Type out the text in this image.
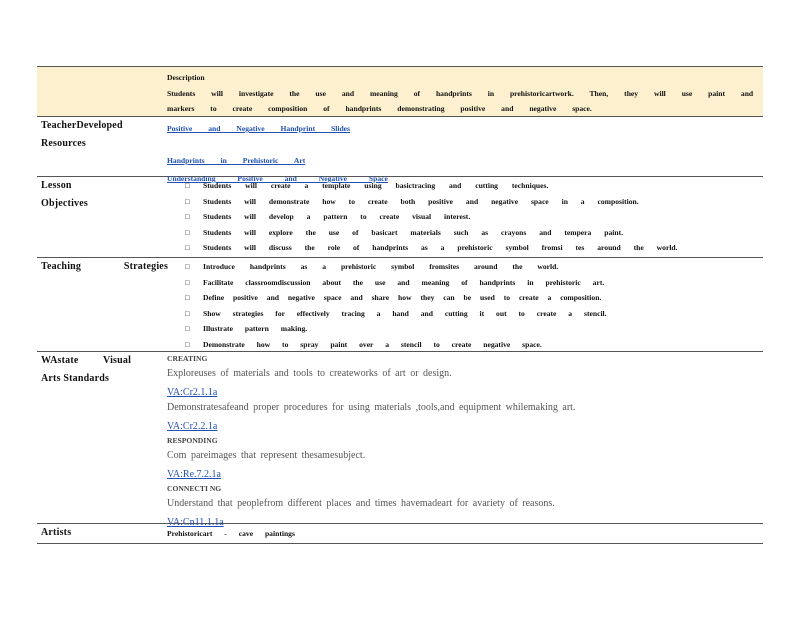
Description
Students will investigate the use and meaning of handprints in prehistoricartwork. Then, they will use paint and
markers to create composition of handprints demonstrating positive and negative space.
TeacherDeveloped
Resources
Positive and Negative Handprint Slides
Handprints in Prehistoric Art
Understanding Positive and Negative Space
Lesson
Objectives
□ Students will create a template using basictracing and cutting techniques.
□ Students will demonstrate how to create both positive and negative space in a composition.
□ Students will develop a pattern to create visual interest.
□ Students will explore the use of basicart materials such as crayons and tempera paint.
□ Students will discuss the role of handprints as a prehistoric symbol fromsi tes around the world.
Teaching Strategies □ Introduce handprints as a prehistoric symbol fromsites around the world.
□ Facilitate classroomdiscussion about the use and meaning of handprints in prehistoric art.
□ Define positive and negative space and share how they can be used to create a composition.
□ Show strategies for effectively tracing a hand and cutting it out to create a stencil.
□ Illustrate pattern making.
□ Demonstrate how to spray paint over a stencil to create negative space.
WAstate Visual
Arts Standards
CREATING
Exploreuses of materials and tools to createworks of art or design.
VA:Cr2.1.1a
Demonstratesafeand proper procedures for using materials ,tools,and equipment whilemaking art.
VA:Cr2.2.1a
RESPONDING
Com pareimages that represent thesamesubject.
VA:Re.7.2.1a
CONNECTI NG
Understand that peoplefrom different places and times havemadeart for avariety of reasons.
VA:Cn11.1.1a
Artists	Prehistoricart - cave paintings
